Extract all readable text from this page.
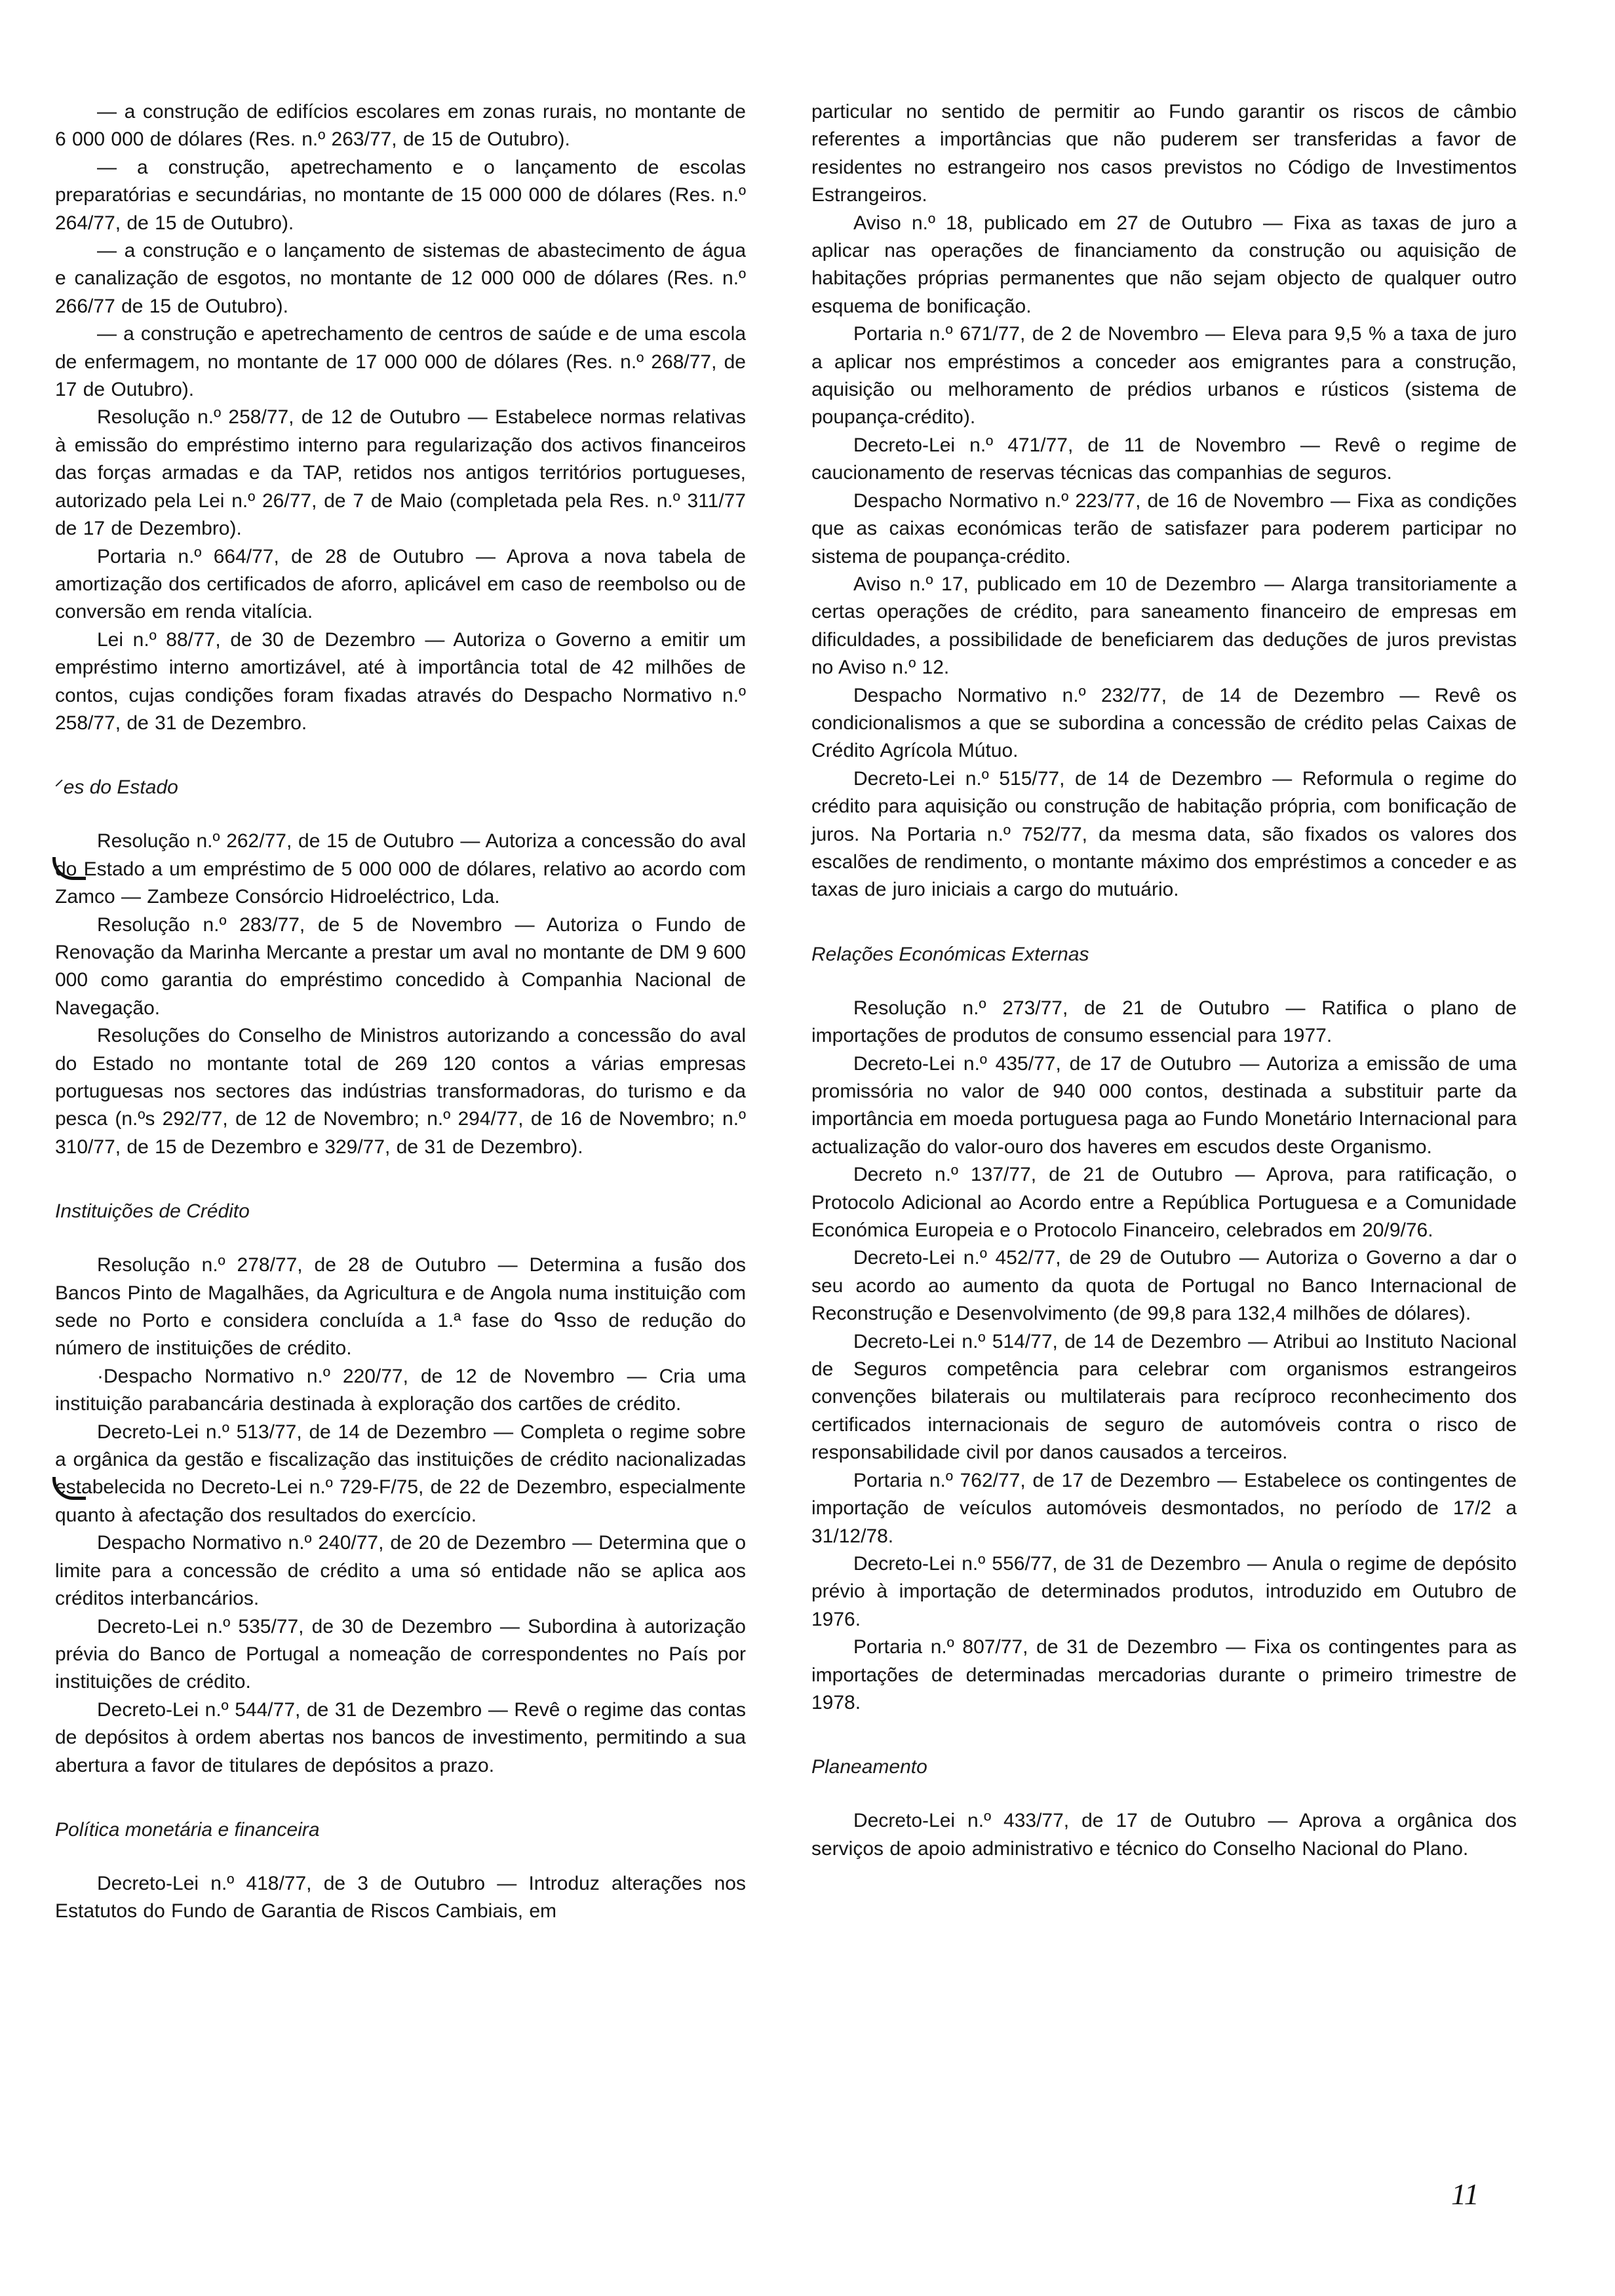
— a construção de edifícios escolares em zonas rurais, no montante de 6 000 000 de dólares (Res. n.º 263/77, de 15 de Outubro).

— a construção, apetrechamento e o lançamento de escolas preparatórias e secundárias, no montante de 15 000 000 de dólares (Res. n.º 264/77, de 15 de Outubro).

— a construção e o lançamento de sistemas de abastecimento de água e canalização de esgotos, no montante de 12 000 000 de dólares (Res. n.º 266/77 de 15 de Outubro).

— a construção e apetrechamento de centros de saúde e de uma escola de enfermagem, no montante de 17 000 000 de dólares (Res. n.º 268/77, de 17 de Outubro).

Resolução n.º 258/77, de 12 de Outubro — Estabelece normas relativas à emissão do empréstimo interno para regularização dos activos financeiros das forças armadas e da TAP, retidos nos antigos territórios portugueses, autorizado pela Lei n.º 26/77, de 7 de Maio (completada pela Res. n.º 311/77 de 17 de Dezembro).

Portaria n.º 664/77, de 28 de Outubro — Aprova a nova tabela de amortização dos certificados de aforro, aplicável em caso de reembolso ou de conversão em renda vitalícia.

Lei n.º 88/77, de 30 de Dezembro — Autoriza o Governo a emitir um empréstimo interno amortizável, até à importância total de 42 milhões de contos, cujas condições foram fixadas através do Despacho Normativo n.º 258/77, de 31 de Dezembro.

ᐟes do Estado

Resolução n.º 262/77, de 15 de Outubro — Autoriza a concessão do aval do Estado a um empréstimo de 5 000 000 de dólares, relativo ao acordo com Zamco — Zambeze Consórcio Hidroeléctrico, Lda.

Resolução n.º 283/77, de 5 de Novembro — Autoriza o Fundo de Renovação da Marinha Mercante a prestar um aval no montante de DM 9 600 000 como garantia do empréstimo concedido à Companhia Nacional de Navegação.

Resoluções do Conselho de Ministros autorizando a concessão do aval do Estado no montante total de 269 120 contos a várias empresas portuguesas nos sectores das indústrias transformadoras, do turismo e da pesca (n.ºs 292/77, de 12 de Novembro; n.º 294/77, de 16 de Novembro; n.º 310/77, de 15 de Dezembro e 329/77, de 31 de Dezembro).

Instituições de Crédito

Resolução n.º 278/77, de 28 de Outubro — Determina a fusão dos Bancos Pinto de Magalhães, da Agricultura e de Angola numa instituição com sede no Porto e considera concluída a 1.ª fase do ᑫsso de redução do número de instituições de crédito.

·Despacho Normativo n.º 220/77, de 12 de Novembro — Cria uma instituição parabancária destinada à exploração dos cartões de crédito.

Decreto-Lei n.º 513/77, de 14 de Dezembro — Completa o regime sobre a orgânica da gestão e fiscalização das instituições de crédito nacionalizadas estabelecida no Decreto-Lei n.º 729-F/75, de 22 de Dezembro, especialmente quanto à afectação dos resultados do exercício.

Despacho Normativo n.º 240/77, de 20 de Dezembro — Determina que o limite para a concessão de crédito a uma só entidade não se aplica aos créditos interbancários.

Decreto-Lei n.º 535/77, de 30 de Dezembro — Subordina à autorização prévia do Banco de Portugal a nomeação de correspondentes no País por instituições de crédito.

Decreto-Lei n.º 544/77, de 31 de Dezembro — Revê o regime das contas de depósitos à ordem abertas nos bancos de investimento, permitindo a sua abertura a favor de titulares de depósitos a prazo.

Política monetária e financeira

Decreto-Lei n.º 418/77, de 3 de Outubro — Introduz alterações nos Estatutos do Fundo de Garantia de Riscos Cambiais, em

particular no sentido de permitir ao Fundo garantir os riscos de câmbio referentes a importâncias que não puderem ser transferidas a favor de residentes no estrangeiro nos casos previstos no Código de Investimentos Estrangeiros.

Aviso n.º 18, publicado em 27 de Outubro — Fixa as taxas de juro a aplicar nas operações de financiamento da construção ou aquisição de habitações próprias permanentes que não sejam objecto de qualquer outro esquema de bonificação.

Portaria n.º 671/77, de 2 de Novembro — Eleva para 9,5 % a taxa de juro a aplicar nos empréstimos a conceder aos emigrantes para a construção, aquisição ou melhoramento de prédios urbanos e rústicos (sistema de poupança-crédito).

Decreto-Lei n.º 471/77, de 11 de Novembro — Revê o regime de caucionamento de reservas técnicas das companhias de seguros.

Despacho Normativo n.º 223/77, de 16 de Novembro — Fixa as condições que as caixas económicas terão de satisfazer para poderem participar no sistema de poupança-crédito.

Aviso n.º 17, publicado em 10 de Dezembro — Alarga transitoriamente a certas operações de crédito, para saneamento financeiro de empresas em dificuldades, a possibilidade de beneficiarem das deduções de juros previstas no Aviso n.º 12.

Despacho Normativo n.º 232/77, de 14 de Dezembro — Revê os condicionalismos a que se subordina a concessão de crédito pelas Caixas de Crédito Agrícola Mútuo.

Decreto-Lei n.º 515/77, de 14 de Dezembro — Reformula o regime do crédito para aquisição ou construção de habitação própria, com bonificação de juros. Na Portaria n.º 752/77, da mesma data, são fixados os valores dos escalões de rendimento, o montante máximo dos empréstimos a conceder e as taxas de juro iniciais a cargo do mutuário.

Relações Económicas Externas

Resolução n.º 273/77, de 21 de Outubro — Ratifica o plano de importações de produtos de consumo essencial para 1977.

Decreto-Lei n.º 435/77, de 17 de Outubro — Autoriza a emissão de uma promissória no valor de 940 000 contos, destinada a substituir parte da importância em moeda portuguesa paga ao Fundo Monetário Internacional para actualização do valor-ouro dos haveres em escudos deste Organismo.

Decreto n.º 137/77, de 21 de Outubro — Aprova, para ratificação, o Protocolo Adicional ao Acordo entre a República Portuguesa e a Comunidade Económica Europeia e o Protocolo Financeiro, celebrados em 20/9/76.

Decreto-Lei n.º 452/77, de 29 de Outubro — Autoriza o Governo a dar o seu acordo ao aumento da quota de Portugal no Banco Internacional de Reconstrução e Desenvolvimento (de 99,8 para 132,4 milhões de dólares).

Decreto-Lei n.º 514/77, de 14 de Dezembro — Atribui ao Instituto Nacional de Seguros competência para celebrar com organismos estrangeiros convenções bilaterais ou multilaterais para recíproco reconhecimento dos certificados internacionais de seguro de automóveis contra o risco de responsabilidade civil por danos causados a terceiros.

Portaria n.º 762/77, de 17 de Dezembro — Estabelece os contingentes de importação de veículos automóveis desmontados, no período de 17/2 a 31/12/78.

Decreto-Lei n.º 556/77, de 31 de Dezembro — Anula o regime de depósito prévio à importação de determinados produtos, introduzido em Outubro de 1976.

Portaria n.º 807/77, de 31 de Dezembro — Fixa os contingentes para as importações de determinadas mercadorias durante o primeiro trimestre de 1978.

Planeamento

Decreto-Lei n.º 433/77, de 17 de Outubro — Aprova a orgânica dos serviços de apoio administrativo e técnico do Conselho Nacional do Plano.

11
